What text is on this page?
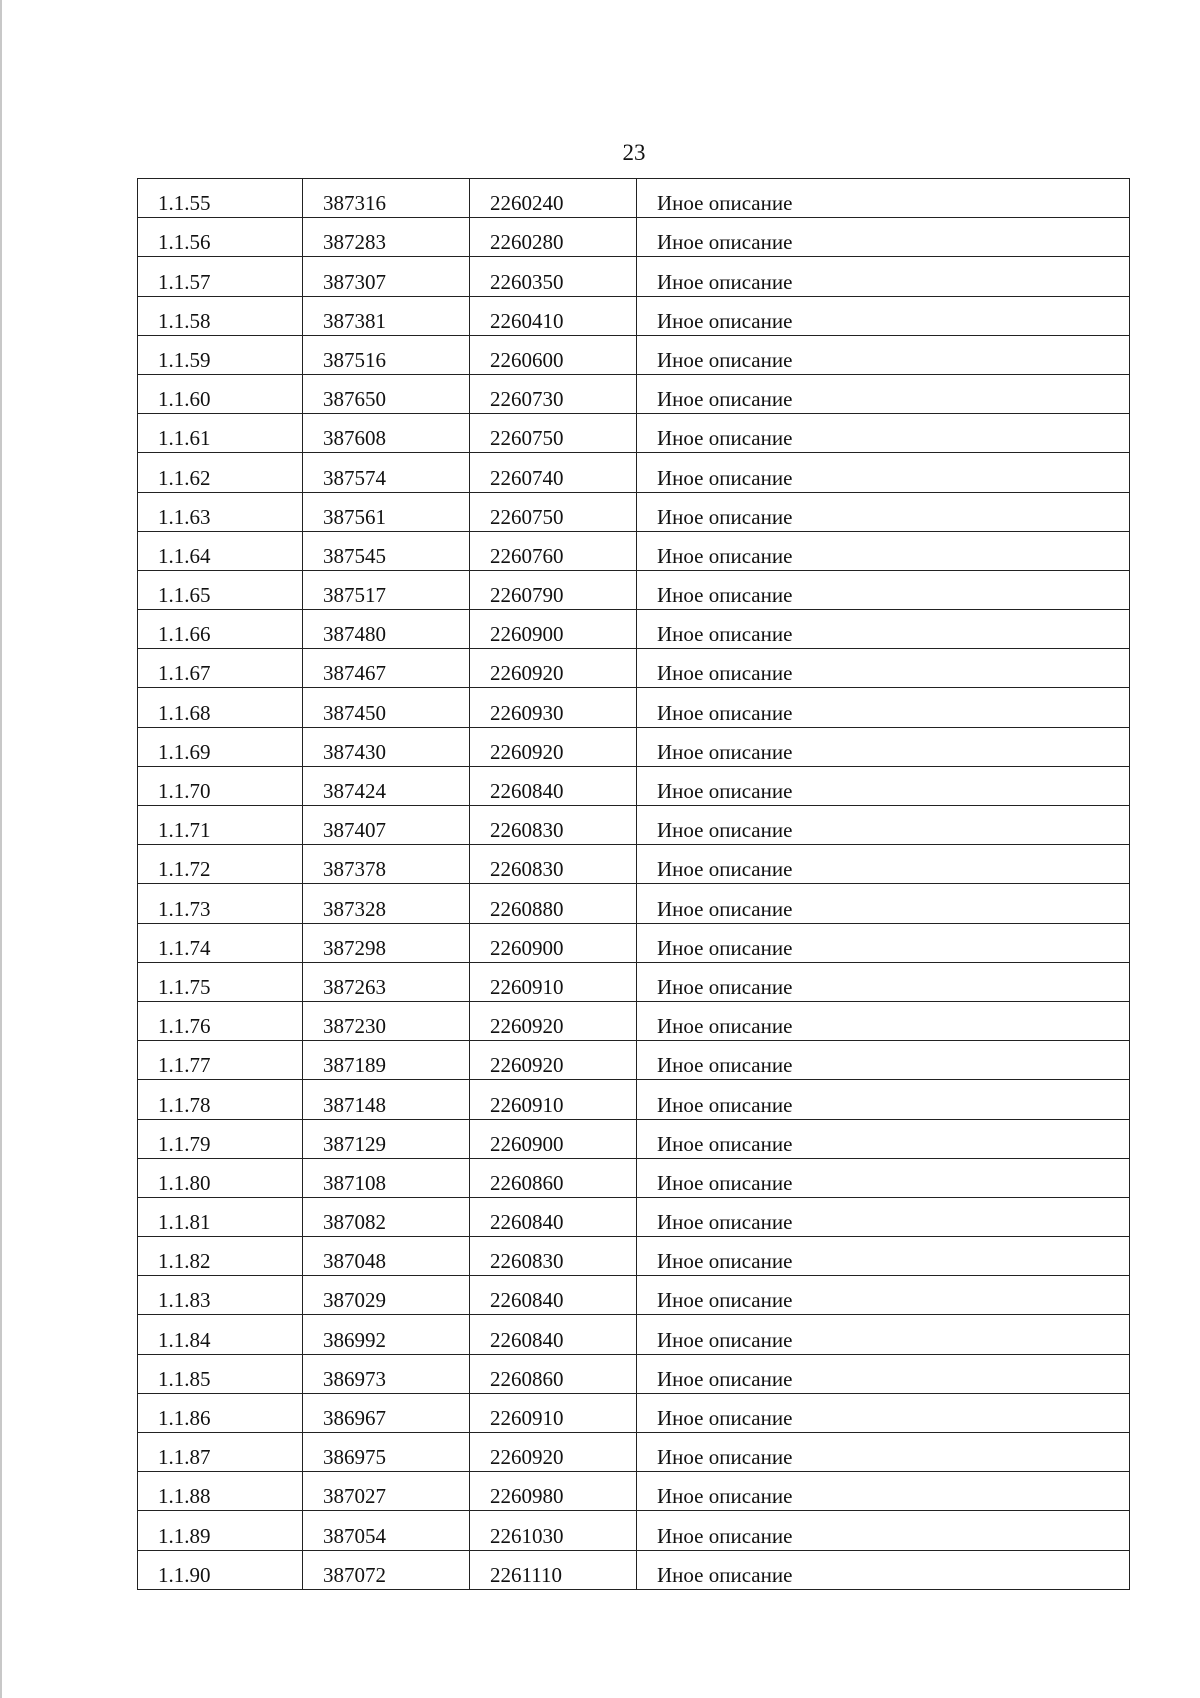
23
1.1.55	387316	2260240	Иное описание
1.1.56	387283	2260280	Иное описание
1.1.57	387307	2260350	Иное описание
1.1.58	387381	2260410	Иное описание
1.1.59	387516	2260600	Иное описание
1.1.60	387650	2260730	Иное описание
1.1.61	387608	2260750	Иное описание
1.1.62	387574	2260740	Иное описание
1.1.63	387561	2260750	Иное описание
1.1.64	387545	2260760	Иное описание
1.1.65	387517	2260790	Иное описание
1.1.66	387480	2260900	Иное описание
1.1.67	387467	2260920	Иное описание
1.1.68	387450	2260930	Иное описание
1.1.69	387430	2260920	Иное описание
1.1.70	387424	2260840	Иное описание
1.1.71	387407	2260830	Иное описание
1.1.72	387378	2260830	Иное описание
1.1.73	387328	2260880	Иное описание
1.1.74	387298	2260900	Иное описание
1.1.75	387263	2260910	Иное описание
1.1.76	387230	2260920	Иное описание
1.1.77	387189	2260920	Иное описание
1.1.78	387148	2260910	Иное описание
1.1.79	387129	2260900	Иное описание
1.1.80	387108	2260860	Иное описание
1.1.81	387082	2260840	Иное описание
1.1.82	387048	2260830	Иное описание
1.1.83	387029	2260840	Иное описание
1.1.84	386992	2260840	Иное описание
1.1.85	386973	2260860	Иное описание
1.1.86	386967	2260910	Иное описание
1.1.87	386975	2260920	Иное описание
1.1.88	387027	2260980	Иное описание
1.1.89	387054	2261030	Иное описание
1.1.90	387072	2261110	Иное описание
